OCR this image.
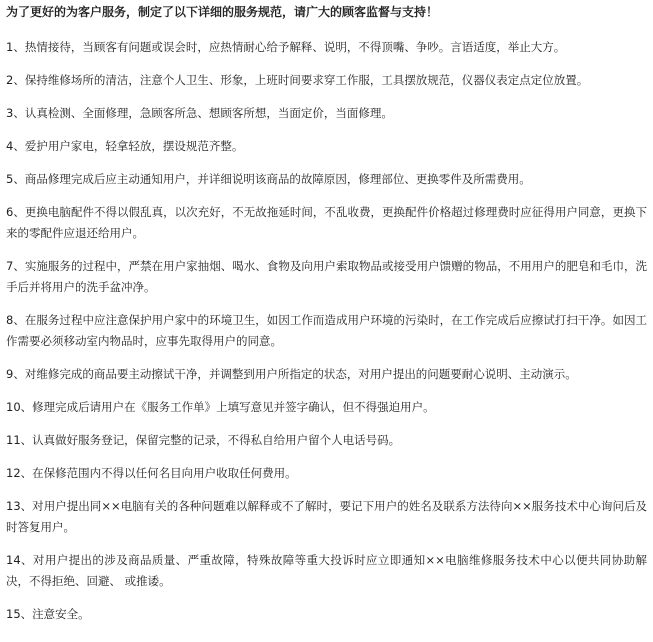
为了更好的为客户服务，制定了以下详细的服务规范，请广大的顾客监督与支持！
1、热情接待，当顾客有问题或误会时，应热情耐心给予解释、说明，不得顶嘴、争吵。言语适度，举止大方。
2、保持维修场所的清洁，注意个人卫生、形象，上班时间要求穿工作服，工具摆放规范，仪器仪表定点定位放置。
3、认真检测、全面修理，急顾客所急、想顾客所想，当面定价，当面修理。
4、爱护用户家电，轻拿轻放，摆设规范齐整。
5、商品修理完成后应主动通知用户，并详细说明该商品的故障原因，修理部位、更换零件及所需费用。
6、更换电脑配件不得以假乱真，以次充好，不无故拖延时间，不乱收费，更换配件价格超过修理费时应征得用户同意，更换下来的零配件应退还给用户。
7、实施服务的过程中，严禁在用户家抽烟、喝水、食物及向用户索取物品或接受用户馈赠的物品，不用用户的肥皂和毛巾，洗手后并将用户的洗手盆冲净。
8、在服务过程中应注意保护用户家中的环境卫生，如因工作而造成用户环境的污染时，在工作完成后应擦试打扫干净。如因工作需要必须移动室内物品时，应事先取得用户的同意。
9、对维修完成的商品要主动擦试干净，并调整到用户所指定的状态，对用户提出的问题要耐心说明、主动演示。
10、修理完成后请用户在《服务工作单》上填写意见并签字确认，但不得强迫用户。
11、认真做好服务登记，保留完整的记录，不得私自给用户留个人电话号码。
12、在保修范围内不得以任何名目向用户收取任何费用。
13、对用户提出同××电脑有关的各种问题难以解释或不了解时，要记下用户的姓名及联系方法待向××服务技术中心询问后及时答复用户。
14、对用户提出的涉及商品质量、严重故障，特殊故障等重大投诉时应立即通知××电脑维修服务技术中心以便共同协助解决，不得拒绝、回避、 或推诿。
15、注意安全。
